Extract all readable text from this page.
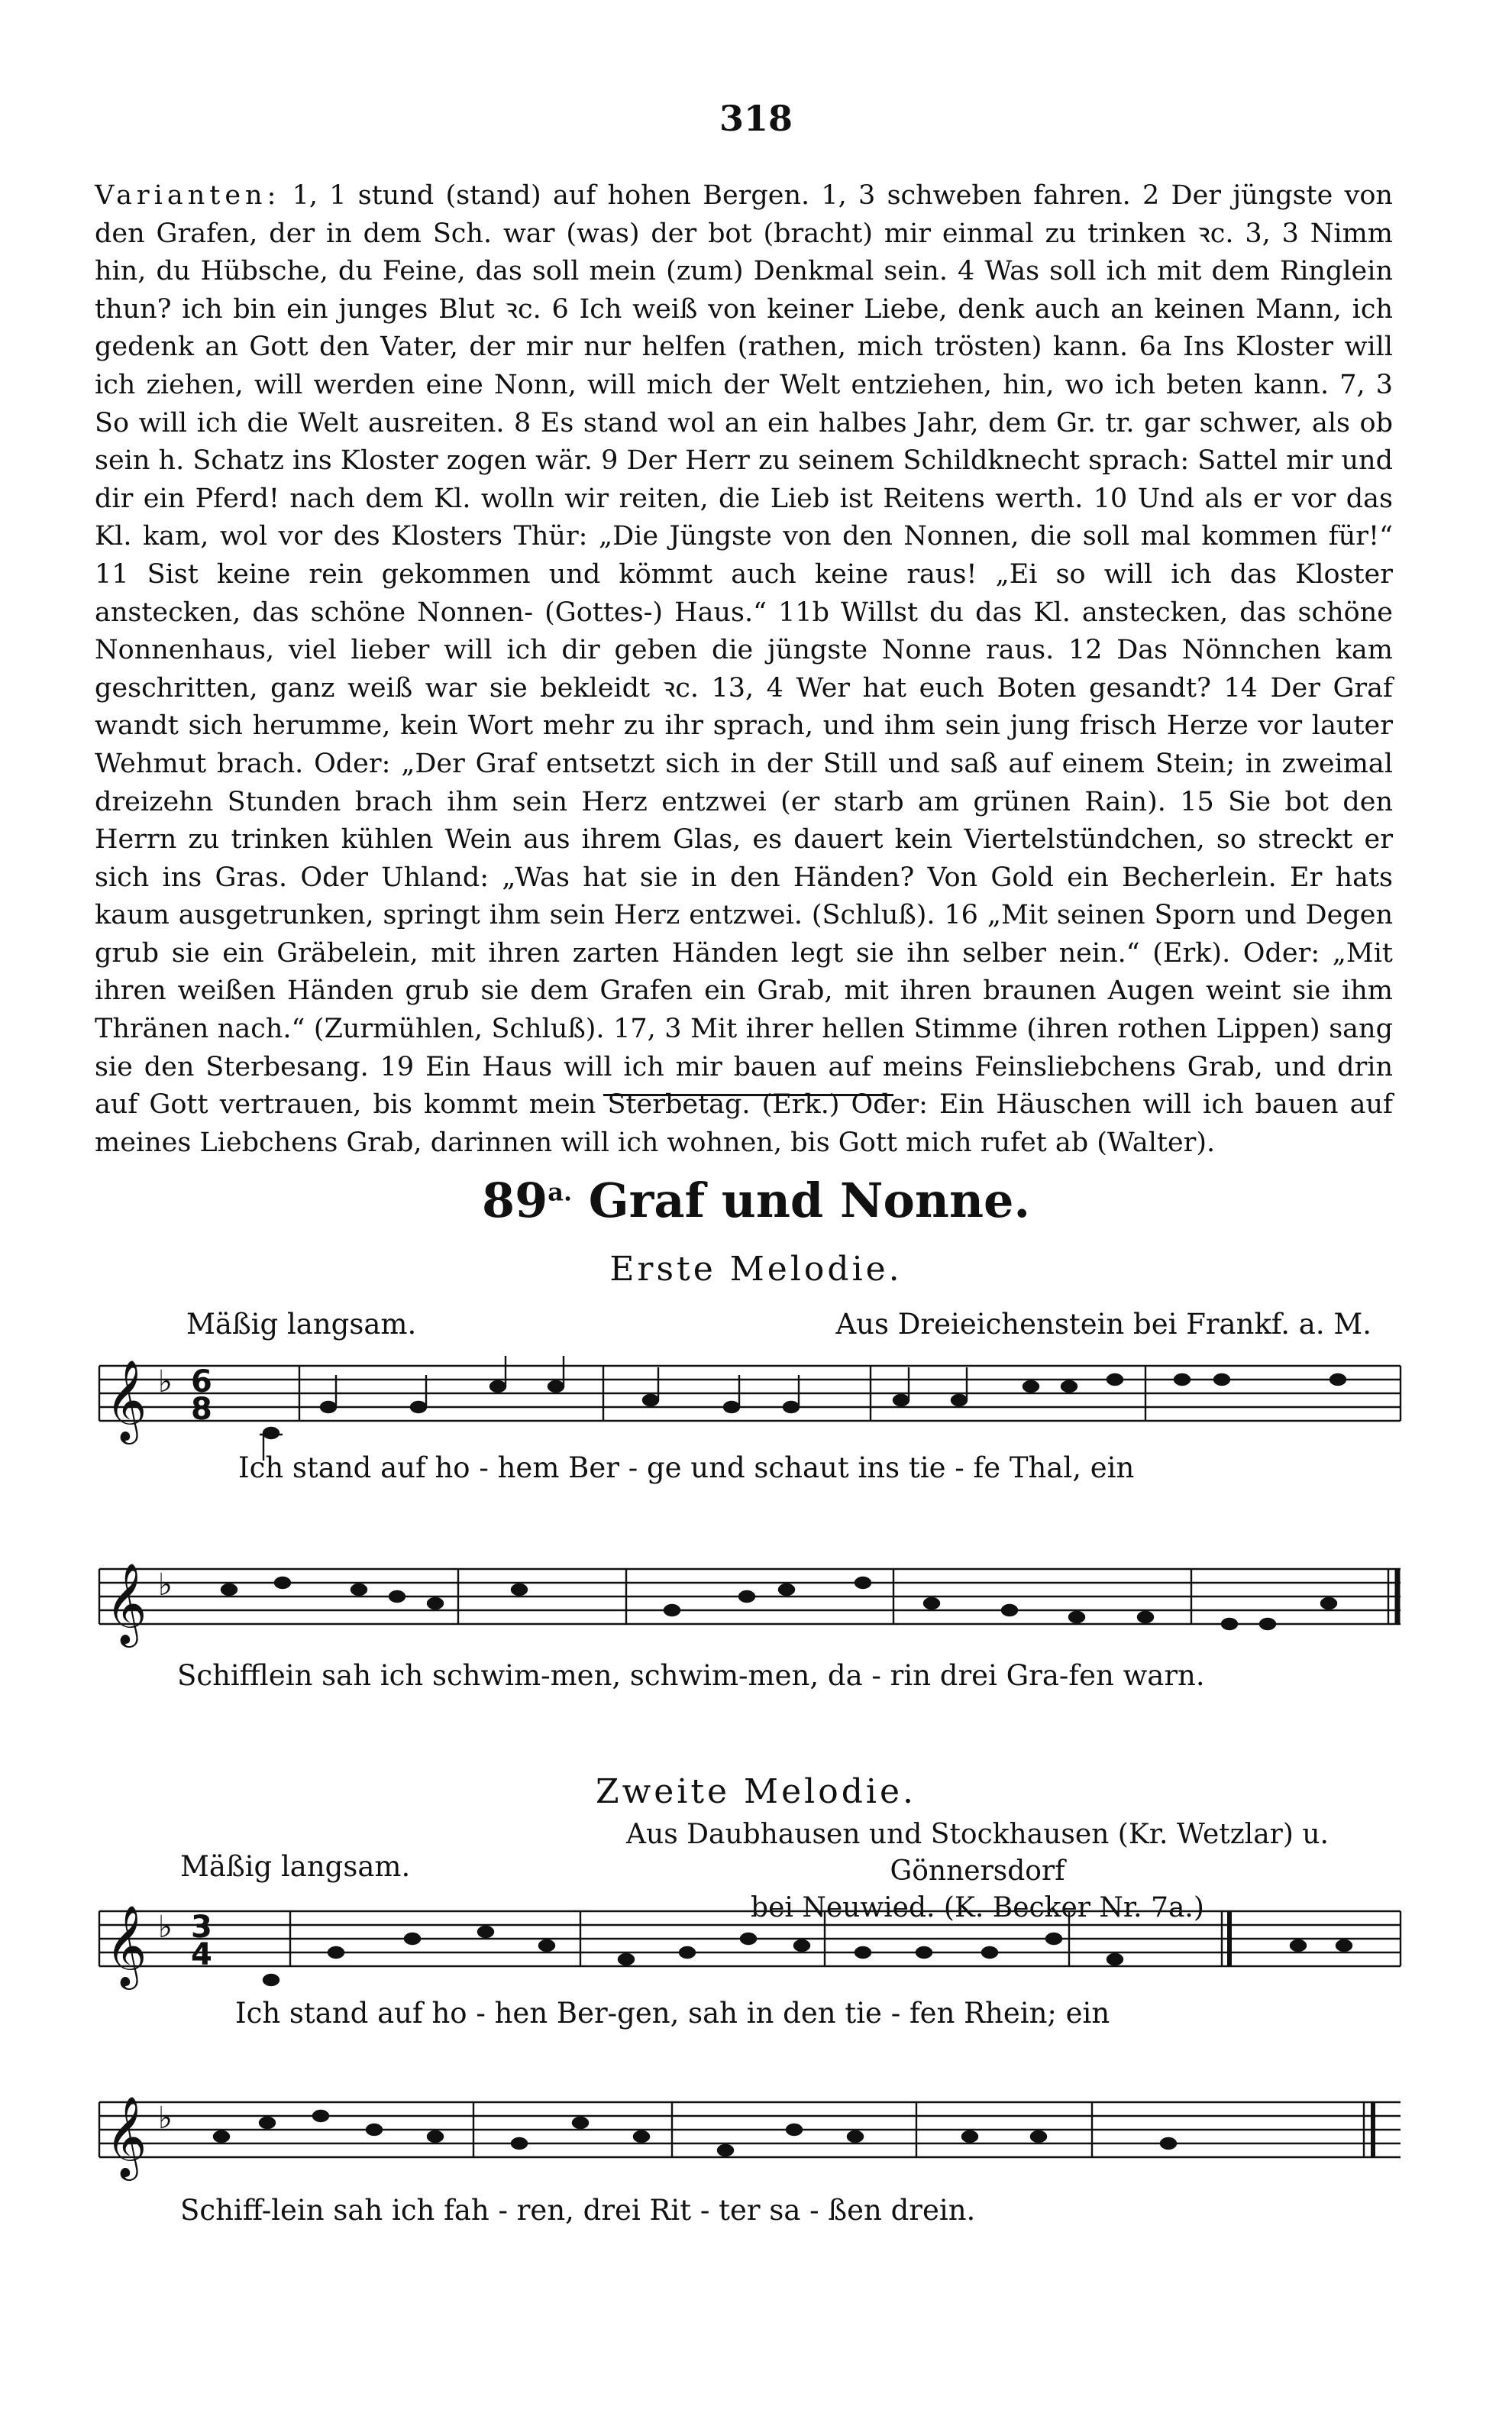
318
Varianten: 1, 1 stund (stand) auf hohen Bergen. 1, 3 schweben fahren. 2 Der jüngste von den Grafen, der in dem Sch. war (was) der bot (bracht) mir einmal zu trinken ꝛc. 3, 3 Nimm hin, du Hübsche, du Feine, das soll mein (zum) Denkmal sein. 4 Was soll ich mit dem Ringlein thun? ich bin ein junges Blut ꝛc. 6 Ich weiß von keiner Liebe, denk auch an keinen Mann, ich gedenk an Gott den Vater, der mir nur helfen (rathen, mich trösten) kann. 6a Ins Kloster will ich ziehen, will werden eine Nonn, will mich der Welt entziehen, hin, wo ich beten kann. 7, 3 So will ich die Welt ausreiten. 8 Es stand wol an ein halbes Jahr, dem Gr. tr. gar schwer, als ob sein h. Schatz ins Kloster zogen wär. 9 Der Herr zu seinem Schildknecht sprach: Sattel mir und dir ein Pferd! nach dem Kl. wolln wir reiten, die Lieb ist Reitens werth. 10 Und als er vor das Kl. kam, wol vor des Klosters Thür: „Die Jüngste von den Nonnen, die soll mal kommen für!“ 11 Sist keine rein gekommen und kömmt auch keine raus! „Ei so will ich das Kloster anstecken, das schöne Nonnen- (Gottes-) Haus.“ 11b Willst du das Kl. anstecken, das schöne Nonnenhaus, viel lieber will ich dir geben die jüngste Nonne raus. 12 Das Nönnchen kam geschritten, ganz weiß war sie bekleidt ꝛc. 13, 4 Wer hat euch Boten gesandt? 14 Der Graf wandt sich herumme, kein Wort mehr zu ihr sprach, und ihm sein jung frisch Herze vor lauter Wehmut brach. Oder: „Der Graf entsetzt sich in der Still und saß auf einem Stein; in zweimal dreizehn Stunden brach ihm sein Herz entzwei (er starb am grünen Rain). 15 Sie bot den Herrn zu trinken kühlen Wein aus ihrem Glas, es dauert kein Viertelstündchen, so streckt er sich ins Gras. Oder Uhland: „Was hat sie in den Händen? Von Gold ein Becherlein. Er hats kaum ausgetrunken, springt ihm sein Herz entzwei. (Schluß). 16 „Mit seinen Sporn und Degen grub sie ein Gräbelein, mit ihren zarten Händen legt sie ihn selber nein.“ (Erk). Oder: „Mit ihren weißen Händen grub sie dem Grafen ein Grab, mit ihren braunen Augen weint sie ihm Thränen nach.“ (Zurmühlen, Schluß). 17, 3 Mit ihrer hellen Stimme (ihren rothen Lippen) sang sie den Sterbesang. 19 Ein Haus will ich mir bauen auf meins Feinsliebchens Grab, und drin auf Gott vertrauen, bis kommt mein Sterbetag. (Erk.) Oder: Ein Häuschen will ich bauen auf meines Liebchens Grab, darinnen will ich wohnen, bis Gott mich rufet ab (Walter).
$89^{a.}$ Graf und Nonne.
Erste Melodie.
Mäßig langsam.	Aus Dreieichenstein bei Frankf. a. M.
𝄞 ♭ 6
8
𝄞 ♭
𝄞 ♭ 3
4
𝄞 ♭
Ich stand auf ho - hem Ber - ge und schaut ins tie - fe Thal, ein
Schifflein sah ich schwim-men, schwim-men, da - rin drei Gra-fen warn.
Zweite Melodie.
Aus Daubhausen und Stockhausen (Kr. Wetzlar) u. Gönnersdorf
bei Neuwied. (K. Becker Nr. 7a.)
Mäßig langsam.
Ich stand auf ho - hen Ber-gen, sah in den tie - fen Rhein; ein
Schiff-lein sah ich fah - ren, drei Rit - ter sa - ßen drein.
